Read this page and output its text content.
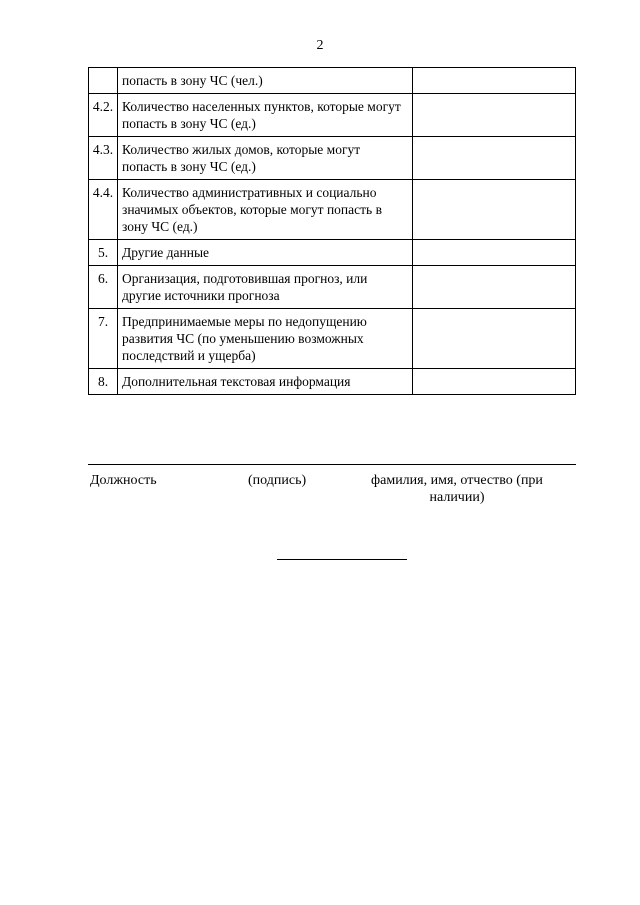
2
	попасть в зону ЧС (чел.)	
4.2.	Количество населенных пунктов, которые могут попасть в зону ЧС (ед.)	
4.3.	Количество жилых домов, которые могут попасть в зону ЧС (ед.)	
4.4.	Количество административных и социально значимых объектов, которые могут попасть в зону ЧС (ед.)	
5.	Другие данные	
6.	Организация, подготовившая прогноз, или другие источники прогноза	
7.	Предпринимаемые меры по недопущению развития ЧС (по уменьшению возможных последствий и ущерба)	
8.	Дополнительная текстовая информация	
Должность	(подпись)	фамилия, имя, отчество (при наличии)
